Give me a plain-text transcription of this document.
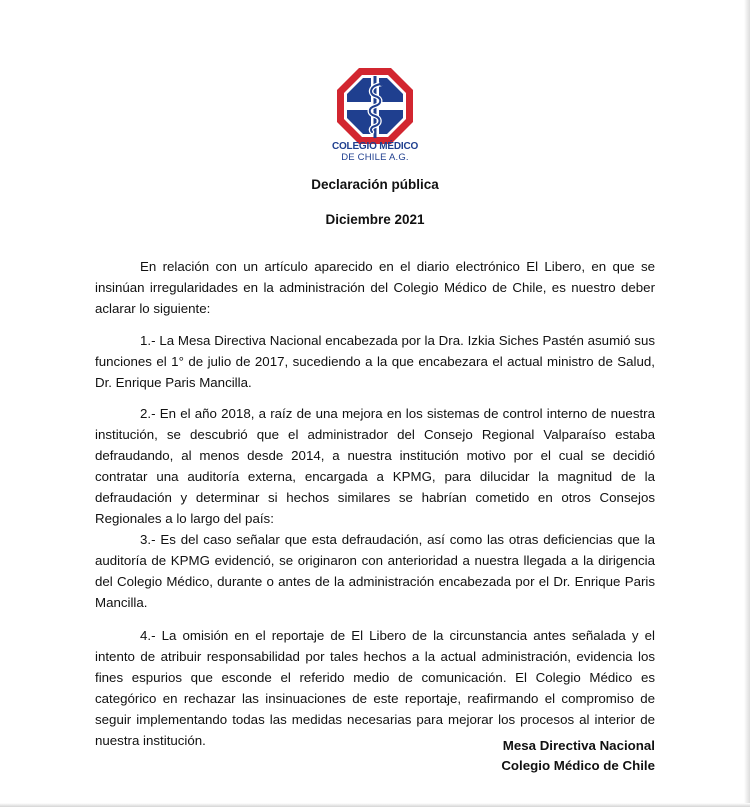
COLEGIO MÉDICO
DE CHILE A.G.
Declaración pública
Diciembre 2021

En relación con un artículo aparecido en el diario electrónico El Libero, en que se insinúan irregularidades en la administración del Colegio Médico de Chile, es nuestro deber aclarar lo siguiente:

1.- La Mesa Directiva Nacional encabezada por la Dra. Izkia Siches Pastén asumió sus funciones el 1° de julio de 2017, sucediendo a la que encabezara el actual ministro de Salud, Dr. Enrique Paris Mancilla.

2.- En el año 2018, a raíz de una mejora en los sistemas de control interno de nuestra institución, se descubrió que el administrador del Consejo Regional Valparaíso estaba defraudando, al menos desde 2014, a nuestra institución motivo por el cual se decidió contratar una auditoría externa, encargada a KPMG, para dilucidar la magnitud de la defraudación y determinar si hechos similares se habrían cometido en otros Consejos Regionales a lo largo del país:

3.- Es del caso señalar que esta defraudación, así como las otras deficiencias que la auditoría de KPMG evidenció, se originaron con anterioridad a nuestra llegada a la dirigencia del Colegio Médico, durante o antes de la administración encabezada por el Dr. Enrique Paris Mancilla.

4.- La omisión en el reportaje de El Libero de la circunstancia antes señalada y el intento de atribuir responsabilidad por tales hechos a la actual administración, evidencia los fines espurios que esconde el referido medio de comunicación. El Colegio Médico es categórico en rechazar las insinuaciones de este reportaje, reafirmando el compromiso de seguir implementando todas las medidas necesarias para mejorar los procesos al interior de nuestra institución.	Mesa Directiva Nacional
Colegio Médico de Chile
